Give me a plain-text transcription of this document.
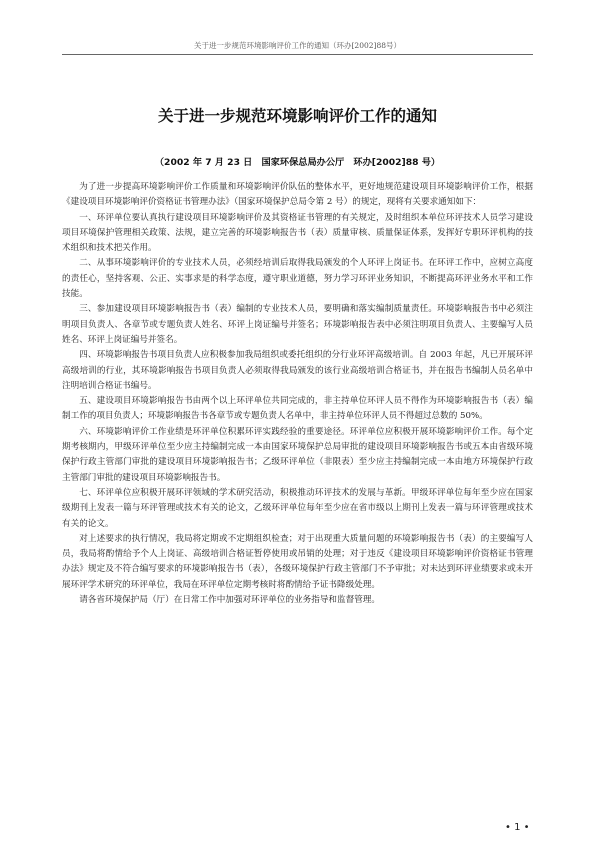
关于进一步规范环境影响评价工作的通知（环办[2002]88号）
关于进一步规范环境影响评价工作的通知
（2002 年 7 月 23 日　国家环保总局办公厅　环办[2002]88 号）

为了进一步提高环境影响评价工作质量和环境影响评价队伍的整体水平，更好地规范建设项目环境影响评价工作，根据《建设项目环境影响评价资格证书管理办法》（国家环境保护总局令第 2 号）的规定，现将有关要求通知如下：

一、环评单位要认真执行建设项目环境影响评价及其资格证书管理的有关规定，及时组织本单位环评技术人员学习建设项目环境保护管理相关政策、法规，建立完善的环境影响报告书（表）质量审核、质量保证体系，发挥好专职环评机构的技术组织和技术把关作用。

二、从事环境影响评价的专业技术人员，必须经培训后取得我局颁发的个人环评上岗证书。在环评工作中，应树立高度的责任心，坚持客观、公正、实事求是的科学态度，遵守职业道德，努力学习环评业务知识，不断提高环评业务水平和工作技能。

三、参加建设项目环境影响报告书（表）编制的专业技术人员，要明确和落实编制质量责任。环境影响报告书中必须注明项目负责人、各章节或专题负责人姓名、环评上岗证编号并签名；环境影响报告表中必须注明项目负责人、主要编写人员姓名、环评上岗证编号并签名。

四、环境影响报告书项目负责人应积极参加我局组织或委托组织的分行业环评高级培训。自 2003 年起，凡已开展环评高级培训的行业，其环境影响报告书项目负责人必须取得我局颁发的该行业高级培训合格证书，并在报告书编制人员名单中注明培训合格证书编号。

五、建设项目环境影响报告书由两个以上环评单位共同完成的，非主持单位环评人员不得作为环境影响报告书（表）编制工作的项目负责人；环境影响报告书各章节或专题负责人名单中，非主持单位环评人员不得超过总数的 50%。

六、环境影响评价工作业绩是环评单位积累环评实践经验的重要途径。环评单位应积极开展环境影响评价工作。每个定期考核期内，甲级环评单位至少应主持编制完成一本由国家环境保护总局审批的建设项目环境影响报告书或五本由省级环境保护行政主管部门审批的建设项目环境影响报告书；乙级环评单位（非限表）至少应主持编制完成一本由地方环境保护行政主管部门审批的建设项目环境影响报告书。

七、环评单位应积极开展环评领域的学术研究活动，积极推动环评技术的发展与革新。甲级环评单位每年至少应在国家级期刊上发表一篇与环评管理或技术有关的论文，乙级环评单位每年至少应在省市级以上期刊上发表一篇与环评管理或技术有关的论文。

对上述要求的执行情况，我局将定期或不定期组织检查；对于出现重大质量问题的环境影响报告书（表）的主要编写人员，我局将酌情给予个人上岗证、高级培训合格证暂停使用或吊销的处理；对于违反《建设项目环境影响评价资格证书管理办法》规定及不符合编写要求的环境影响报告书（表），各级环境保护行政主管部门不予审批；对未达到环评业绩要求或未开展环评学术研究的环评单位，我局在环评单位定期考核时将酌情给予证书降级处理。

请各省环境保护局（厅）在日常工作中加强对环评单位的业务指导和监督管理。

• 1 •
